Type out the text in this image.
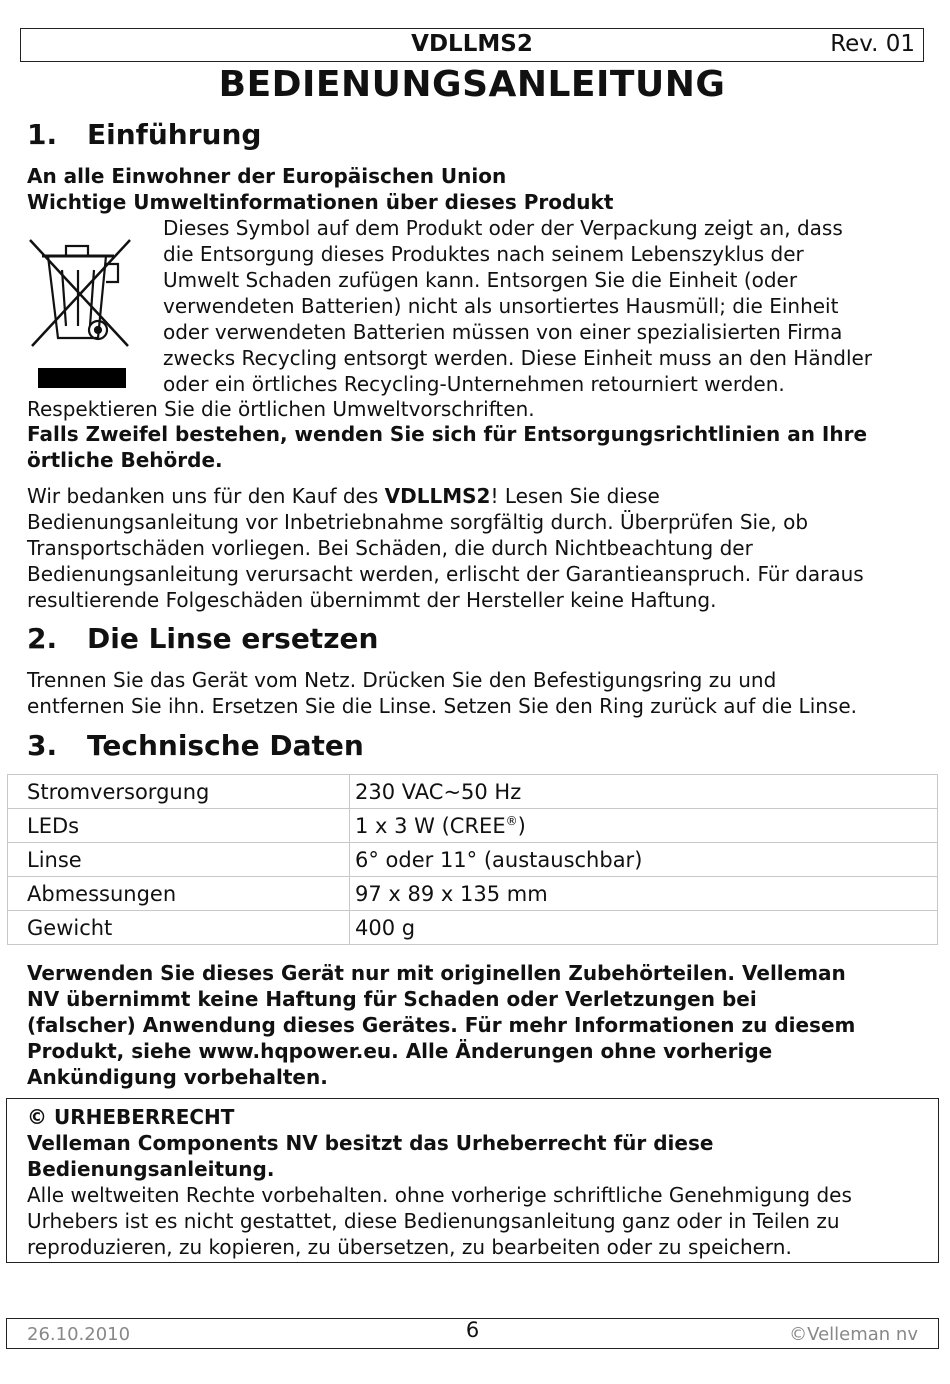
VDLLMS2	Rev. 01
BEDIENUNGSANLEITUNG
1. Einführung
An alle Einwohner der Europäischen Union
Wichtige Umweltinformationen über dieses Produkt
Dieses Symbol auf dem Produkt oder der Verpackung zeigt an, dass
die Entsorgung dieses Produktes nach seinem Lebenszyklus der
Umwelt Schaden zufügen kann. Entsorgen Sie die Einheit (oder
verwendeten Batterien) nicht als unsortiertes Hausmüll; die Einheit
oder verwendeten Batterien müssen von einer spezialisierten Firma
zwecks Recycling entsorgt werden. Diese Einheit muss an den Händler
oder ein örtliches Recycling-Unternehmen retourniert werden.
Respektieren Sie die örtlichen Umweltvorschriften.
Falls Zweifel bestehen, wenden Sie sich für Entsorgungsrichtlinien an Ihre
örtliche Behörde.
Wir bedanken uns für den Kauf des VDLLMS2! Lesen Sie diese
Bedienungsanleitung vor Inbetriebnahme sorgfältig durch. Überprüfen Sie, ob
Transportschäden vorliegen. Bei Schäden, die durch Nichtbeachtung der
Bedienungsanleitung verursacht werden, erlischt der Garantieanspruch. Für daraus
resultierende Folgeschäden übernimmt der Hersteller keine Haftung.
2. Die Linse ersetzen
Trennen Sie das Gerät vom Netz. Drücken Sie den Befestigungsring zu und
entfernen Sie ihn. Ersetzen Sie die Linse. Setzen Sie den Ring zurück auf die Linse.
3. Technische Daten
Stromversorgung	230 VAC~50 Hz
LEDs	1 x 3 W (CREE®)
Linse	6° oder 11° (austauschbar)
Abmessungen	97 x 89 x 135 mm
Gewicht	400 g
Verwenden Sie dieses Gerät nur mit originellen Zubehörteilen. Velleman
NV übernimmt keine Haftung für Schaden oder Verletzungen bei
(falscher) Anwendung dieses Gerätes. Für mehr Informationen zu diesem
Produkt, siehe www.hqpower.eu. Alle Änderungen ohne vorherige
Ankündigung vorbehalten.
© URHEBERRECHT
Velleman Components NV besitzt das Urheberrecht für diese
Bedienungsanleitung.
Alle weltweiten Rechte vorbehalten. ohne vorherige schriftliche Genehmigung des
Urhebers ist es nicht gestattet, diese Bedienungsanleitung ganz oder in Teilen zu
reproduzieren, zu kopieren, zu übersetzen, zu bearbeiten oder zu speichern.
26.10.2010	6	©Velleman nv
